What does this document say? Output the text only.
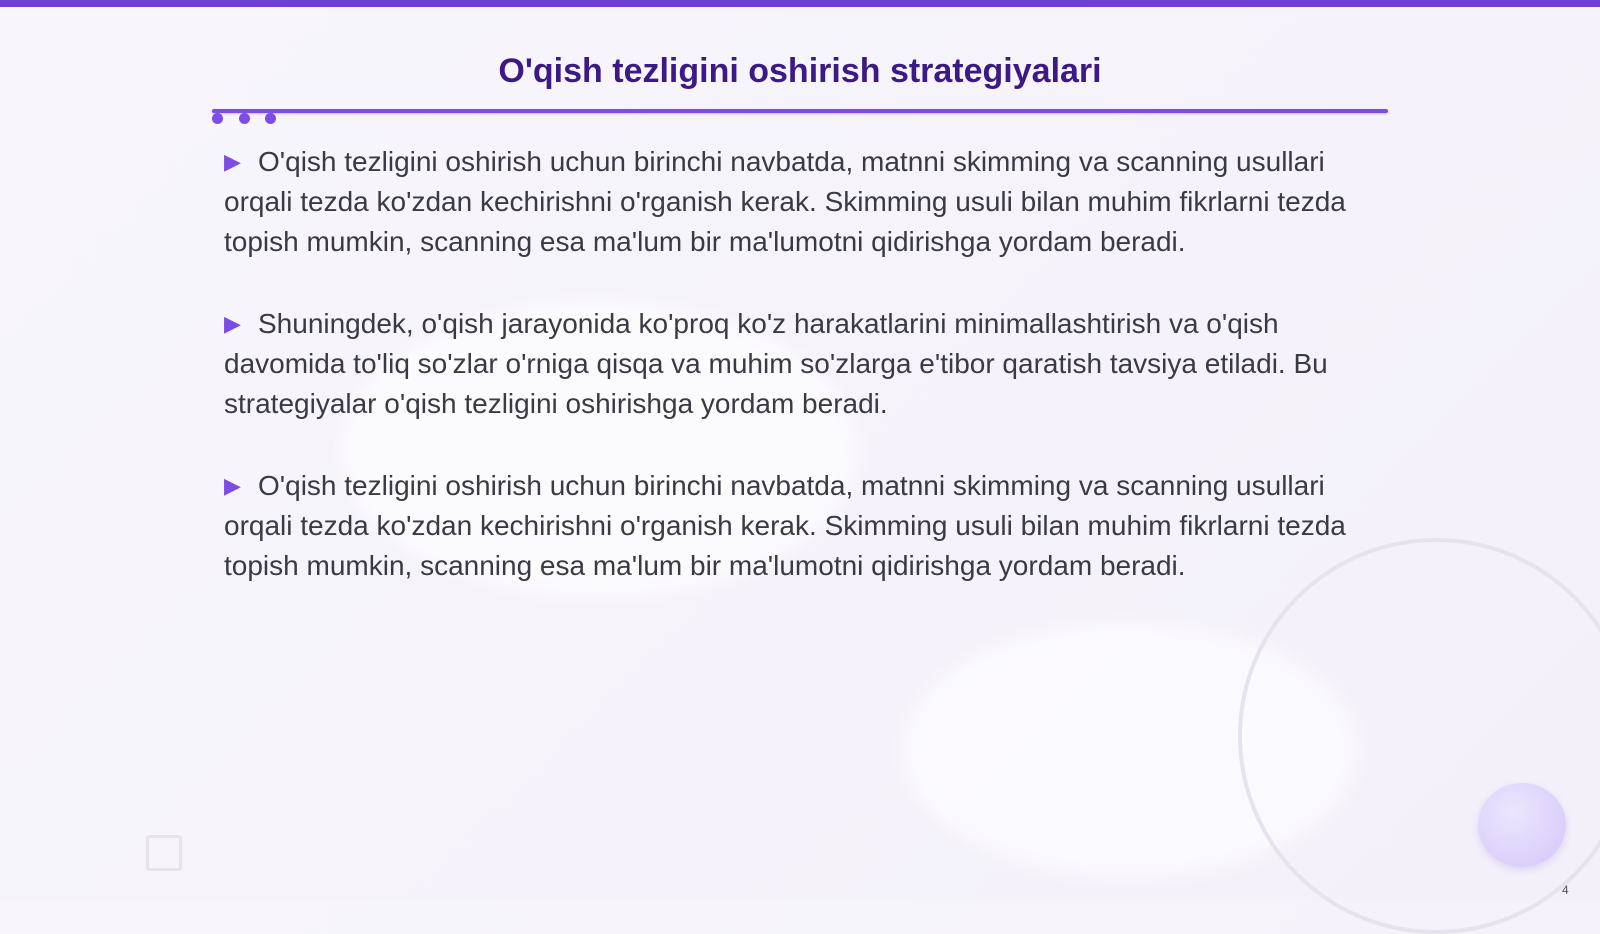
O'qish tezligini oshirish strategiyalari
▶ O'qish tezligini oshirish uchun birinchi navbatda, matnni skimming va scanning usullari orqali tezda ko'zdan kechirishni o'rganish kerak. Skimming usuli bilan muhim fikrlarni tezda topish mumkin, scanning esa ma'lum bir ma'lumotni qidirishga yordam beradi.
▶ Shuningdek, o'qish jarayonida ko'proq ko'z harakatlarini minimallashtirish va o'qish davomida to'liq so'zlar o'rniga qisqa va muhim so'zlarga e'tibor qaratish tavsiya etiladi. Bu strategiyalar o'qish tezligini oshirishga yordam beradi.
▶ O'qish tezligini oshirish uchun birinchi navbatda, matnni skimming va scanning usullari orqali tezda ko'zdan kechirishni o'rganish kerak. Skimming usuli bilan muhim fikrlarni tezda topish mumkin, scanning esa ma'lum bir ma'lumotni qidirishga yordam beradi.
4
